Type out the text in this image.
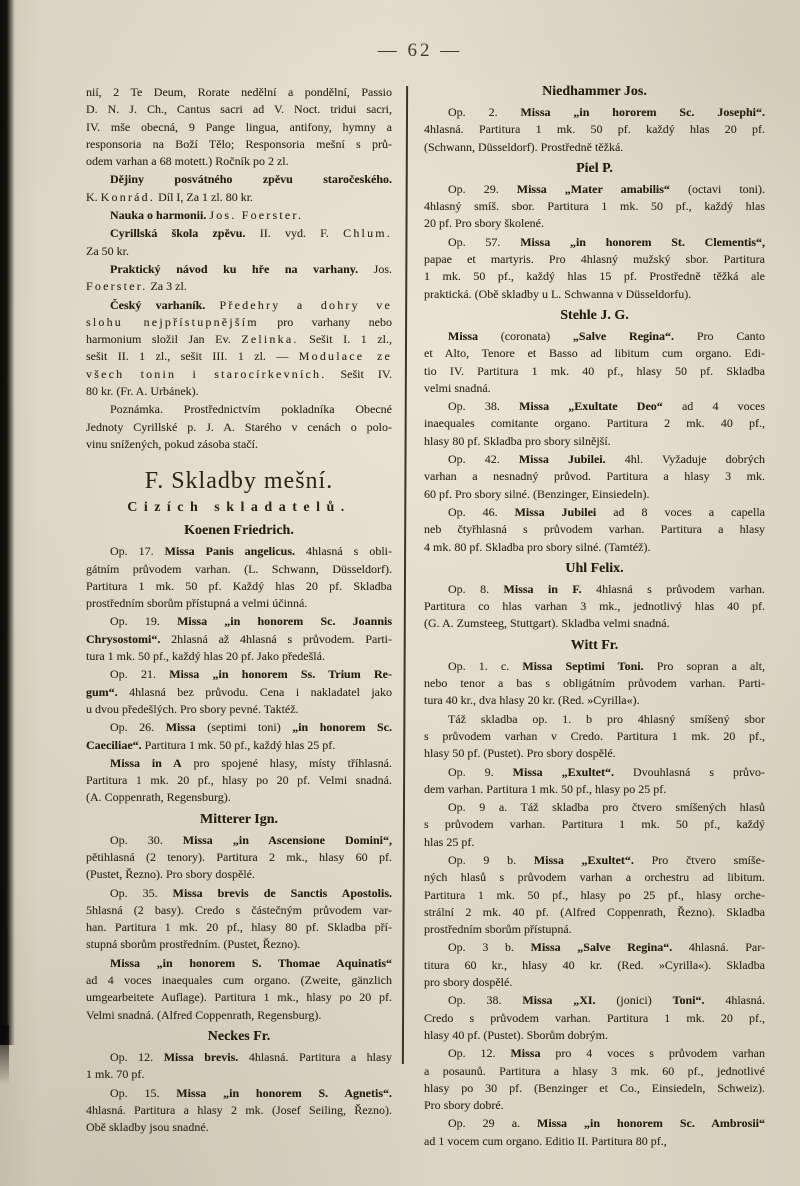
— 62 —
nií, 2 Te Deum, Rorate nedělní a pondělní, Passio
D. N. J. Ch., Cantus sacri ad V. Noct. tridui sacri,
IV. mše obecná, 9 Pange lingua, antifony, hymny a
responsoria na Boží Tělo; Responsoria mešní s prů-
odem varhan a 68 motett.) Ročník po 2 zl.
Dějiny posvátného zpěvu staročeského.
K. Konrád. Díl I, Za 1 zl. 80 kr.
Nauka o harmonii. Jos. Foerster.
Cyrillská škola zpěvu. II. vyd. F. Chlum.
Za 50 kr.
Praktický návod ku hře na varhany. Jos.
Foerster. Za 3 zl.
Český varhaník. Předehry a dohry ve
slohu nejpřístupnějším pro varhany nebo
harmonium složil Jan Ev. Zelinka. Sešit I. 1 zl.,
sešit II. 1 zl., sešit III. 1 zl. — Modulace ze
všech tonin i starocírkevních. Sešit IV.
80 kr. (Fr. A. Urbánek).
Poznámka. Prostřednictvím pokladníka Obecné
Jednoty Cyrillské p. J. A. Starého v cenách o polo-
vinu snížených, pokud zásoba stačí.
F. Skladby mešní.
Cizích skladatelů.
Koenen Friedrich.
Op. 17. Missa Panis angelicus. 4hlasná s obli-
gátním průvodem varhan. (L. Schwann, Düsseldorf).
Partitura 1 mk. 50 pf. Každý hlas 20 pf. Skladba
prostředním sborům přístupná a velmi účinná.
Op. 19. Missa „in honorem Sc. Joannis
Chrysostomi“. 2hlasná až 4hlasná s průvodem. Parti-
tura 1 mk. 50 pf., každý hlas 20 pf. Jako předešlá.
Op. 21. Missa „in honorem Ss. Trium Re-
gum“. 4hlasná bez průvodu. Cena i nakladatel jako
u dvou předešlých. Pro sbory pevné. Taktéž.
Op. 26. Missa (septimi toni) „in honorem Sc.
Caeciliae“. Partitura 1 mk. 50 pf., každý hlas 25 pf.
Missa in A pro spojené hlasy, místy tříhlasná.
Partitura 1 mk. 20 pf., hlasy po 20 pf. Velmi snadná.
(A. Coppenrath, Regensburg).
Mitterer Ign.
Op. 30. Missa „in Ascensione Domini“,
pětihlasná (2 tenory). Partitura 2 mk., hlasy 60 pf.
(Pustet, Řezno). Pro sbory dospělé.
Op. 35. Missa brevis de Sanctis Apostolis.
5hlasná (2 basy). Credo s částečným průvodem var-
han. Partitura 1 mk. 20 pf., hlasy 80 pf. Skladba pří-
stupná sborům prostředním. (Pustet, Řezno).
Missa „in honorem S. Thomae Aquinatis“
ad 4 voces inaequales cum organo. (Zweite, gänzlich
umgearbeitete Auflage). Partitura 1 mk., hlasy po 20 pf.
Velmi snadná. (Alfred Coppenrath, Regensburg).
Neckes Fr.
Op. 12. Missa brevis. 4hlasná. Partitura a hlasy
1 mk. 70 pf.
Op. 15. Missa „in honorem S. Agnetis“.
4hlasná. Partitura a hlasy 2 mk. (Josef Seiling, Řezno).
Obě skladby jsou snadné.
Niedhammer Jos.
Op. 2. Missa „in hororem Sc. Josephi“.
4hlasná. Partitura 1 mk. 50 pf. každý hlas 20 pf.
(Schwann, Düsseldorf). Prostředně těžká.
Piel P.
Op. 29. Missa „Mater amabilis“ (octavi toni).
4hlasný smíš. sbor. Partitura 1 mk. 50 pf., každý hlas
20 pf. Pro sbory školené.
Op. 57. Missa „in honorem St. Clementis“,
papae et martyris. Pro 4hlasný mužský sbor. Partitura
1 mk. 50 pf., každý hlas 15 pf. Prostředně těžká ale
praktická. (Obě skladby u L. Schwanna v Düsseldorfu).
Stehle J. G.
Missa (coronata) „Salve Regina“. Pro Canto
et Alto, Tenore et Basso ad libitum cum organo. Edi-
tio IV. Partitura 1 mk. 40 pf., hlasy 50 pf. Skladba
velmi snadná.
Op. 38. Missa „Exultate Deo“ ad 4 voces
inaequales comitante organo. Partitura 2 mk. 40 pf.,
hlasy 80 pf. Skladba pro sbory silnější.
Op. 42. Missa Jubilei. 4hl. Vyžaduje dobrých
varhan a nesnadný průvod. Partitura a hlasy 3 mk.
60 pf. Pro sbory silné. (Benzinger, Einsiedeln).
Op. 46. Missa Jubilei ad 8 voces a capella
neb čtyřhlasná s průvodem varhan. Partitura a hlasy
4 mk. 80 pf. Skladba pro sbory silné. (Tamtéž).
Uhl Felix.
Op. 8. Missa in F. 4hlasná s průvodem varhan.
Partitura co hlas varhan 3 mk., jednotlivý hlas 40 pf.
(G. A. Zumsteeg, Stuttgart). Skladba velmi snadná.
Witt Fr.
Op. 1. c. Missa Septimi Toni. Pro sopran a alt,
nebo tenor a bas s obligátním průvodem varhan. Parti-
tura 40 kr., dva hlasy 20 kr. (Red. »Cyrilla«).
Táž skladba op. 1. b pro 4hlasný smíšený sbor
s průvodem varhan v Credo. Partitura 1 mk. 20 pf.,
hlasy 50 pf. (Pustet). Pro sbory dospělé.
Op. 9. Missa „Exultet“. Dvouhlasná s průvo-
dem varhan. Partitura 1 mk. 50 pf., hlasy po 25 pf.
Op. 9 a. Táž skladba pro čtvero smíšených hlasů
s průvodem varhan. Partitura 1 mk. 50 pf., každý
hlas 25 pf.
Op. 9 b. Missa „Exultet“. Pro čtvero smíše-
ných hlasů s průvodem varhan a orchestru ad libitum.
Partitura 1 mk. 50 pf., hlasy po 25 pf., hlasy orche-
strální 2 mk. 40 pf. (Alfred Coppenrath, Řezno). Skladba
prostředním sborům přístupná.
Op. 3 b. Missa „Salve Regina“. 4hlasná. Par-
titura 60 kr., hlasy 40 kr. (Red. »Cyrilla«). Skladba
pro sbory dospělé.
Op. 38. Missa „XI. (jonici) Toni“. 4hlasná.
Credo s průvodem varhan. Partitura 1 mk. 20 pf.,
hlasy 40 pf. (Pustet). Sborům dobrým.
Op. 12. Missa pro 4 voces s průvodem varhan
a posaunů. Partitura a hlasy 3 mk. 60 pf., jednotlivé
hlasy po 30 pf. (Benzinger et Co., Einsiedeln, Schweiz).
Pro sbory dobré.
Op. 29 a. Missa „in honorem Sc. Ambrosii“
ad 1 vocem cum organo. Editio II. Partitura 80 pf.,
